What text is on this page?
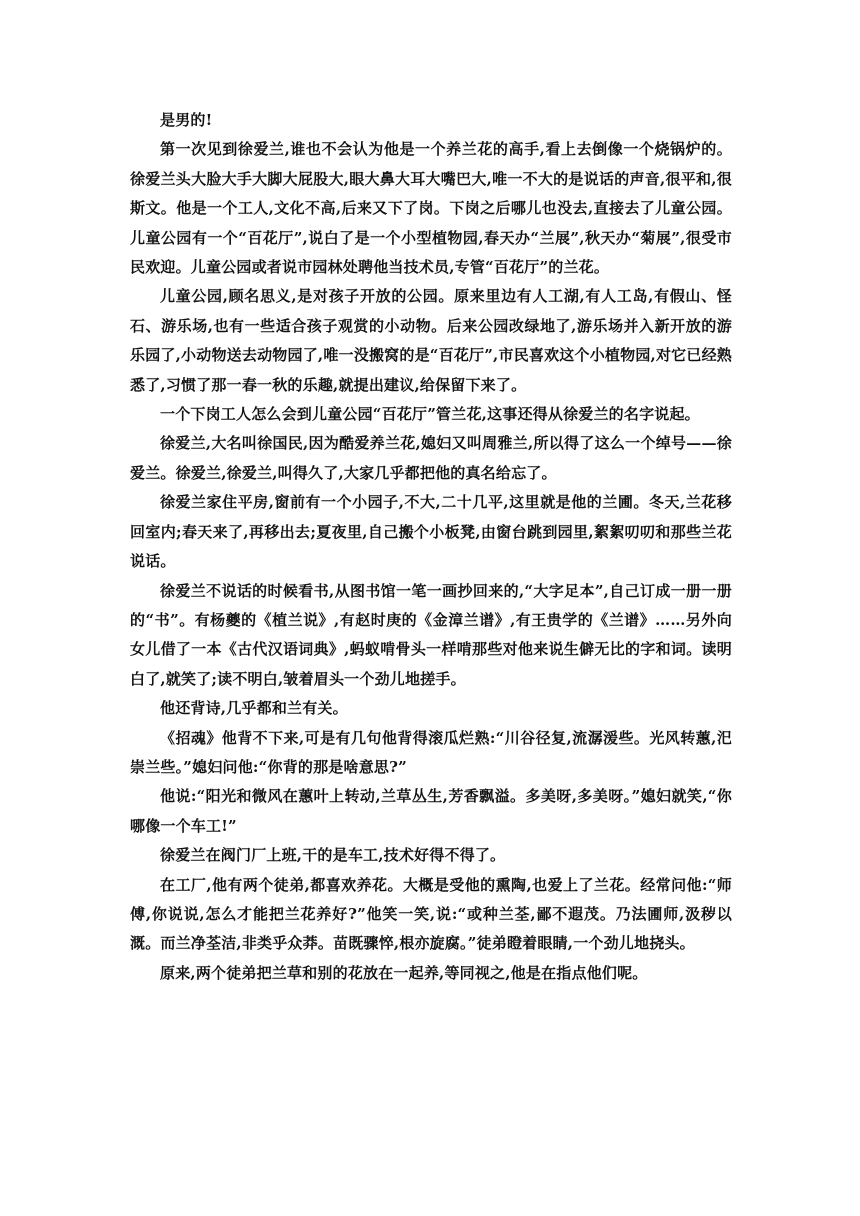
是男的!

第一次见到徐爱兰,谁也不会认为他是一个养兰花的高手,看上去倒像一个烧锅炉的。徐爱兰头大脸大手大脚大屁股大,眼大鼻大耳大嘴巴大,唯一不大的是说话的声音,很平和,很斯文。他是一个工人,文化不高,后来又下了岗。下岗之后哪儿也没去,直接去了儿童公园。儿童公园有一个“百花厅”,说白了是一个小型植物园,春天办“兰展”,秋天办“菊展”,很受市民欢迎。儿童公园或者说市园林处聘他当技术员,专管“百花厅”的兰花。

儿童公园,顾名思义,是对孩子开放的公园。原来里边有人工湖,有人工岛,有假山、怪石、游乐场,也有一些适合孩子观赏的小动物。后来公园改绿地了,游乐场并入新开放的游乐园了,小动物送去动物园了,唯一没搬窝的是“百花厅”,市民喜欢这个小植物园,对它已经熟悉了,习惯了那一春一秋的乐趣,就提出建议,给保留下来了。

一个下岗工人怎么会到儿童公园“百花厅”管兰花,这事还得从徐爱兰的名字说起。

徐爱兰,大名叫徐国民,因为酷爱养兰花,媳妇又叫周雅兰,所以得了这么一个绰号——徐爱兰。徐爱兰,徐爱兰,叫得久了,大家几乎都把他的真名给忘了。

徐爱兰家住平房,窗前有一个小园子,不大,二十几平,这里就是他的兰圃。冬天,兰花移回室内;春天来了,再移出去;夏夜里,自己搬个小板凳,由窗台跳到园里,絮絮叨叨和那些兰花说话。

徐爱兰不说话的时候看书,从图书馆一笔一画抄回来的,“大字足本”,自己订成一册一册的“书”。有杨夔的《植兰说》,有赵时庚的《金漳兰谱》,有王贵学的《兰谱》……另外向女儿借了一本《古代汉语词典》,蚂蚁啃骨头一样啃那些对他来说生僻无比的字和词。读明白了,就笑了;读不明白,皱着眉头一个劲儿地搓手。

他还背诗,几乎都和兰有关。

《招魂》他背不下来,可是有几句他背得滚瓜烂熟:“川谷径复,流潺湲些。光风转蕙,汜崇兰些。”媳妇问他:“你背的那是啥意思?”

他说:“阳光和微风在蕙叶上转动,兰草丛生,芳香飘溢。多美呀,多美呀。”媳妇就笑,“你哪像一个车工!”

徐爱兰在阀门厂上班,干的是车工,技术好得不得了。

在工厂,他有两个徒弟,都喜欢养花。大概是受他的熏陶,也爱上了兰花。经常问他:“师傅,你说说,怎么才能把兰花养好?”他笑一笑,说:“或种兰荃,鄙不遐茂。乃法圃师,汲秽以溉。而兰净荃洁,非类乎众莽。苗既骤悴,根亦旋腐。”徒弟瞪着眼睛,一个劲儿地挠头。

原来,两个徒弟把兰草和别的花放在一起养,等同视之,他是在指点他们呢。
